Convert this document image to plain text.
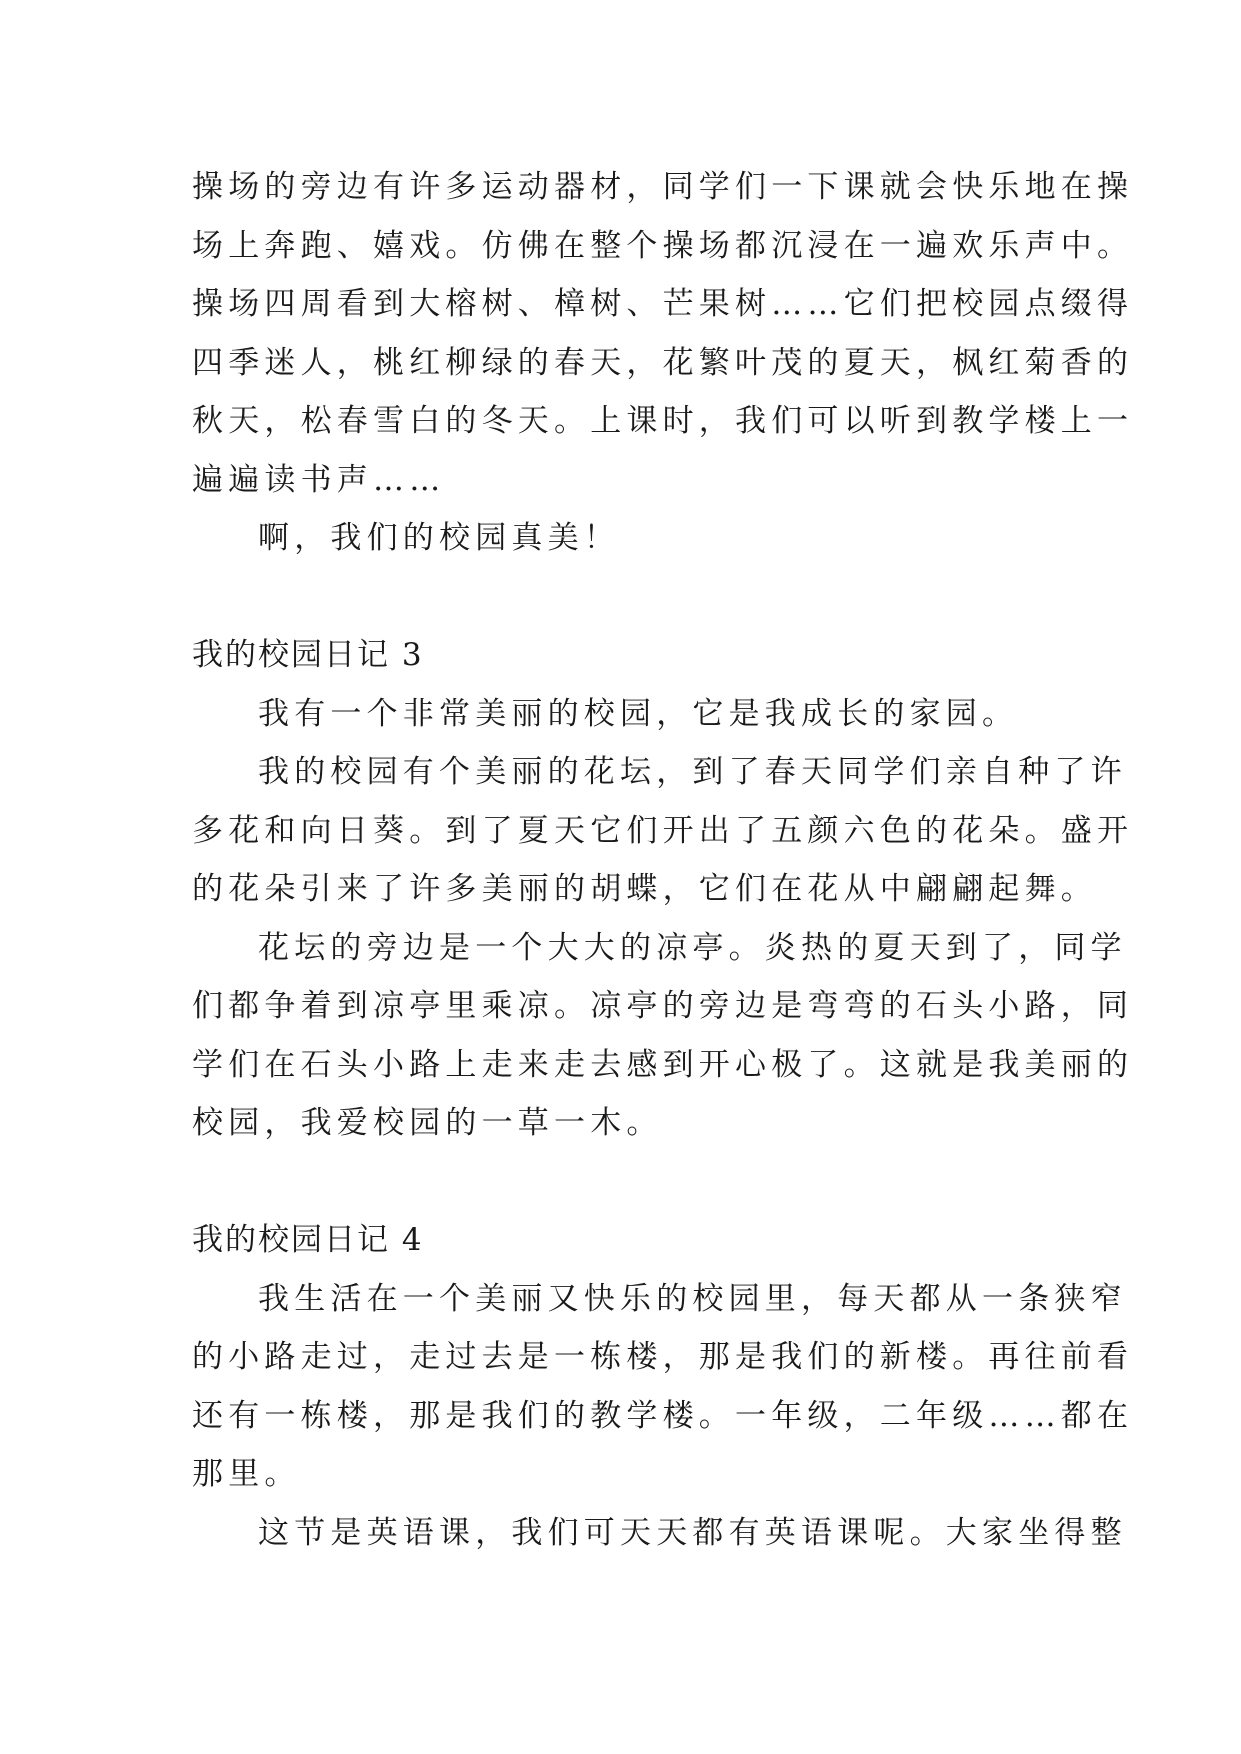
操场的旁边有许多运动器材，同学们一下课就会快乐地在操

场上奔跑、嬉戏。仿佛在整个操场都沉浸在一遍欢乐声中。

操场四周看到大榕树、樟树、芒果树……它们把校园点缀得

四季迷人，桃红柳绿的春天，花繁叶茂的夏天，枫红菊香的

秋天，松春雪白的冬天。上课时，我们可以听到教学楼上一

遍遍读书声……

啊，我们的校园真美！

我的校园日记 3

我有一个非常美丽的校园，它是我成长的家园。

我的校园有个美丽的花坛，到了春天同学们亲自种了许

多花和向日葵。到了夏天它们开出了五颜六色的花朵。盛开

的花朵引来了许多美丽的胡蝶，它们在花从中翩翩起舞。

花坛的旁边是一个大大的凉亭。炎热的夏天到了，同学

们都争着到凉亭里乘凉。凉亭的旁边是弯弯的石头小路，同

学们在石头小路上走来走去感到开心极了。这就是我美丽的

校园，我爱校园的一草一木。

我的校园日记 4

我生活在一个美丽又快乐的校园里，每天都从一条狭窄

的小路走过，走过去是一栋楼，那是我们的新楼。再往前看

还有一栋楼，那是我们的教学楼。一年级，二年级……都在

那里。

这节是英语课，我们可天天都有英语课呢。大家坐得整
